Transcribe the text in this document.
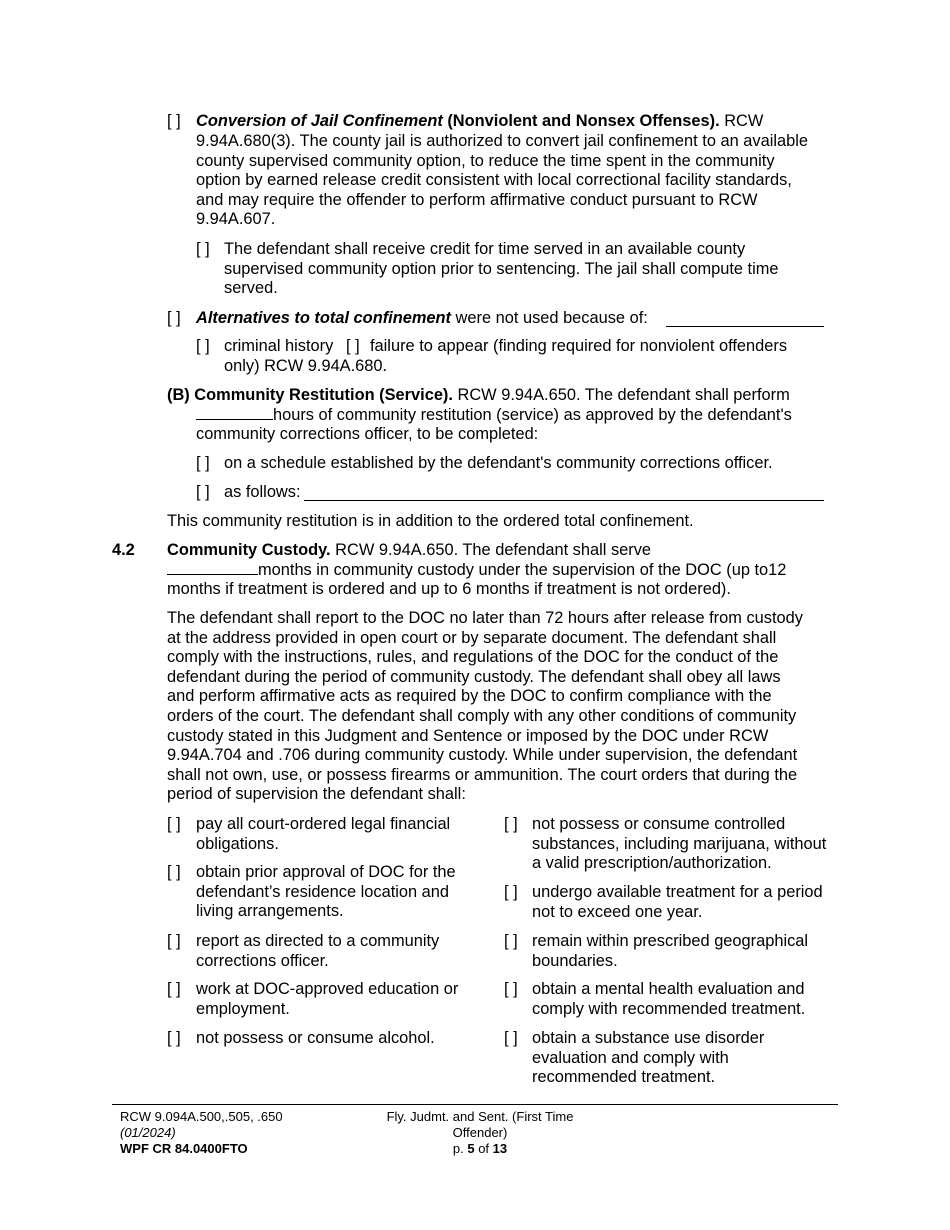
[ ] Conversion of Jail Confinement (Nonviolent and Nonsex Offenses). RCW
9.94A.680(3). The county jail is authorized to convert jail confinement to an available
county supervised community option, to reduce the time spent in the community
option by earned release credit consistent with local correctional facility standards,
and may require the offender to perform affirmative conduct pursuant to RCW
9.94A.607.
[ ] The defendant shall receive credit for time served in an available county
supervised community option prior to sentencing. The jail shall compute time
served.
[ ] Alternatives to total confinement were not used because of:
[ ] criminal history [ ] failure to appear (finding required for nonviolent offenders
only) RCW 9.94A.680.
(B) Community Restitution (Service). RCW 9.94A.650. The defendant shall perform
hours of community restitution (service) as approved by the defendant's
community corrections officer, to be completed:
[ ] on a schedule established by the defendant's community corrections officer.
[ ] as follows:
This community restitution is in addition to the ordered total confinement.
4.2 Community Custody. RCW 9.94A.650. The defendant shall serve
months in community custody under the supervision of the DOC (up to12
months if treatment is ordered and up to 6 months if treatment is not ordered).
The defendant shall report to the DOC no later than 72 hours after release from custody
at the address provided in open court or by separate document. The defendant shall
comply with the instructions, rules, and regulations of the DOC for the conduct of the
defendant during the period of community custody. The defendant shall obey all laws
and perform affirmative acts as required by the DOC to confirm compliance with the
orders of the court. The defendant shall comply with any other conditions of community
custody stated in this Judgment and Sentence or imposed by the DOC under RCW
9.94A.704 and .706 during community custody. While under supervision, the defendant
shall not own, use, or possess firearms or ammunition. The court orders that during the
period of supervision the defendant shall:
[ ] pay all court-ordered legal financial
obligations.
[ ] obtain prior approval of DOC for the
defendant’s residence location and
living arrangements.
[ ] report as directed to a community
corrections officer.
[ ] work at DOC-approved education or
employment.
[ ] not possess or consume alcohol.
[ ] not possess or consume controlled
substances, including marijuana, without
a valid prescription/authorization.
[ ] undergo available treatment for a period
not to exceed one year.
[ ] remain within prescribed geographical
boundaries.
[ ] obtain a mental health evaluation and
comply with recommended treatment.
[ ] obtain a substance use disorder
evaluation and comply with
recommended treatment.
RCW 9.094A.500,.505, .650
(01/2024)
WPF CR 84.0400FTO
Fly. Judmt. and Sent. (First Time
Offender)
p. 5 of 13
